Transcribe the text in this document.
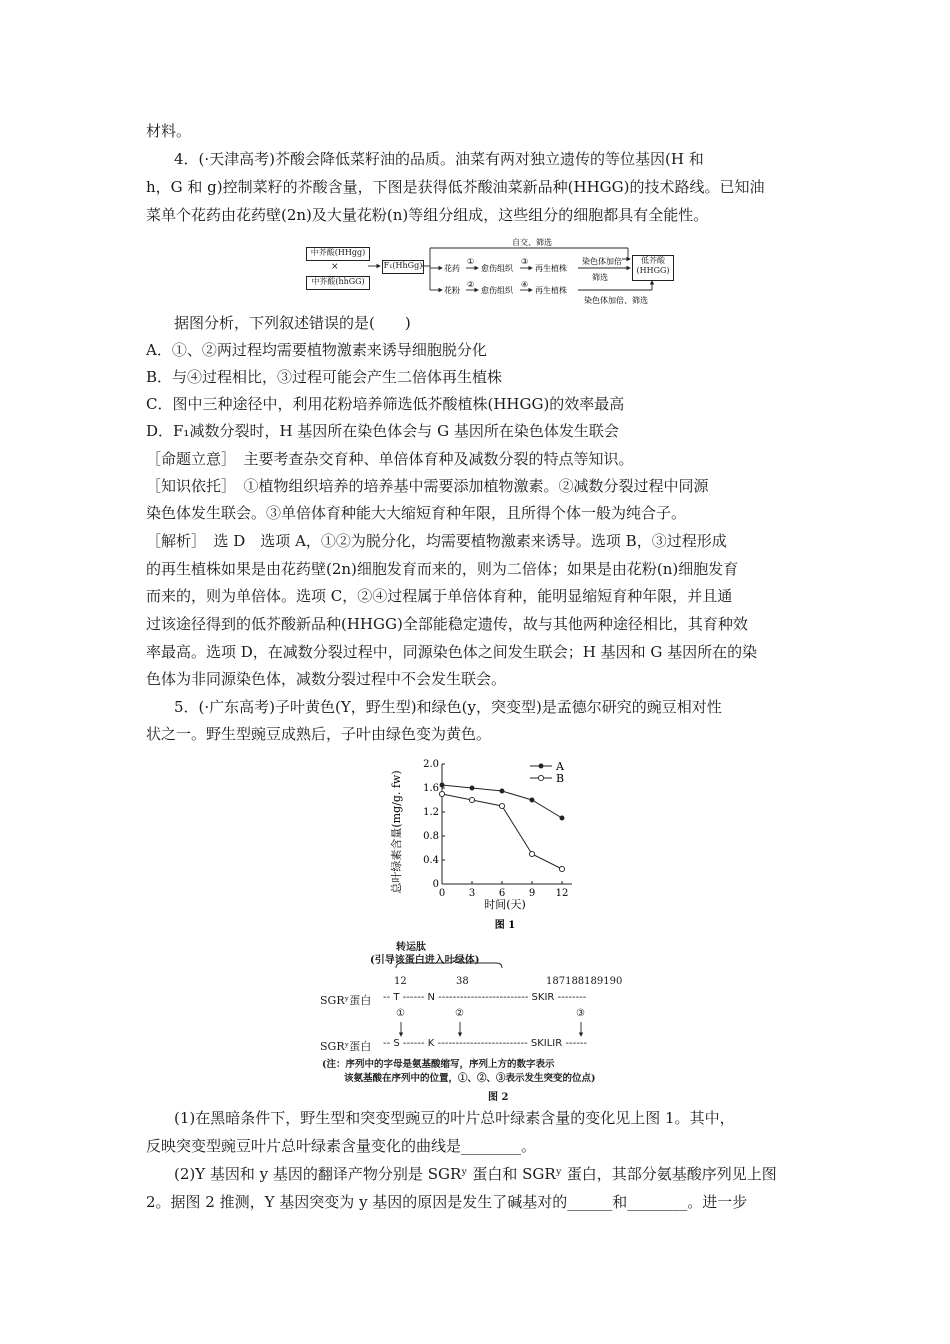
材料。
4．(·天津高考)芥酸会降低菜籽油的品质。油菜有两对独立遗传的等位基因(H 和
h，G 和 g)控制菜籽的芥酸含量，下图是获得低芥酸油菜新品种(HHGG)的技术路线。已知油
菜单个花药由花药壁(2n)及大量花粉(n)等组分组成，这些组分的细胞都具有全能性。
中芥酸(HHgg)
×
中芥酸(hhGG)
F₁(HhGg)
低芥酸
(HHGG)
自交、筛选
花药
花粉
①
②
③
④
愈伤组织
愈伤组织
再生植株
再生植株
染色体加倍
筛选
染色体加倍、筛选
据图分析，下列叙述错误的是(　　)
A．①、②两过程均需要植物激素来诱导细胞脱分化
B．与④过程相比，③过程可能会产生二倍体再生植株
C．图中三种途径中，利用花粉培养筛选低芥酸植株(HHGG)的效率最高
D．F₁减数分裂时，H 基因所在染色体会与 G 基因所在染色体发生联会
［命题立意］　主要考查杂交育种、单倍体育种及减数分裂的特点等知识。
［知识依托］　①植物组织培养的培养基中需要添加植物激素。②减数分裂过程中同源
染色体发生联会。③单倍体育种能大大缩短育种年限，且所得个体一般为纯合子。
［解析］　选 D　选项 A，①②为脱分化，均需要植物激素来诱导。选项 B，③过程形成
的再生植株如果是由花药壁(2n)细胞发育而来的，则为二倍体；如果是由花粉(n)细胞发育
而来的，则为单倍体。选项 C，②④过程属于单倍体育种，能明显缩短育种年限，并且通
过该途径得到的低芥酸新品种(HHGG)全部能稳定遗传，故与其他两种途径相比，其育种效
率最高。选项 D，在减数分裂过程中，同源染色体之间发生联会；H 基因和 G 基因所在的染
色体为非同源染色体，减数分裂过程中不会发生联会。
5．(·广东高考)子叶黄色(Y，野生型)和绿色(y，突变型)是孟德尔研究的豌豆相对性
状之一。野生型豌豆成熟后，子叶由绿色变为黄色。
0
0.4
0.8
1.2
1.6
2.0
0 3 6 9 12
总叶绿素含量(mg/g. fw)
时间(天)
图 1
A
B
转运肽
(引导该蛋白进入叶绿体)
12	38	187188189190
SGRʸ蛋白 -- T ------ N ------------------------- SKIR --------
①	②	③
SGRʸ蛋白 -- S ------ K ------------------------- SKILIR ------
(注：序列中的字母是氨基酸缩写，序列上方的数字表示
该氨基酸在序列中的位置，①、②、③表示发生突变的位点)
图 2
(1)在黑暗条件下，野生型和突变型豌豆的叶片总叶绿素含量的变化见上图 1。其中，
反映突变型豌豆叶片总叶绿素含量变化的曲线是________。
(2)Y 基因和 y 基因的翻译产物分别是 SGRʸ 蛋白和 SGRʸ 蛋白，其部分氨基酸序列见上图
2。据图 2 推测，Y 基因突变为 y 基因的原因是发生了碱基对的______和________。进一步
